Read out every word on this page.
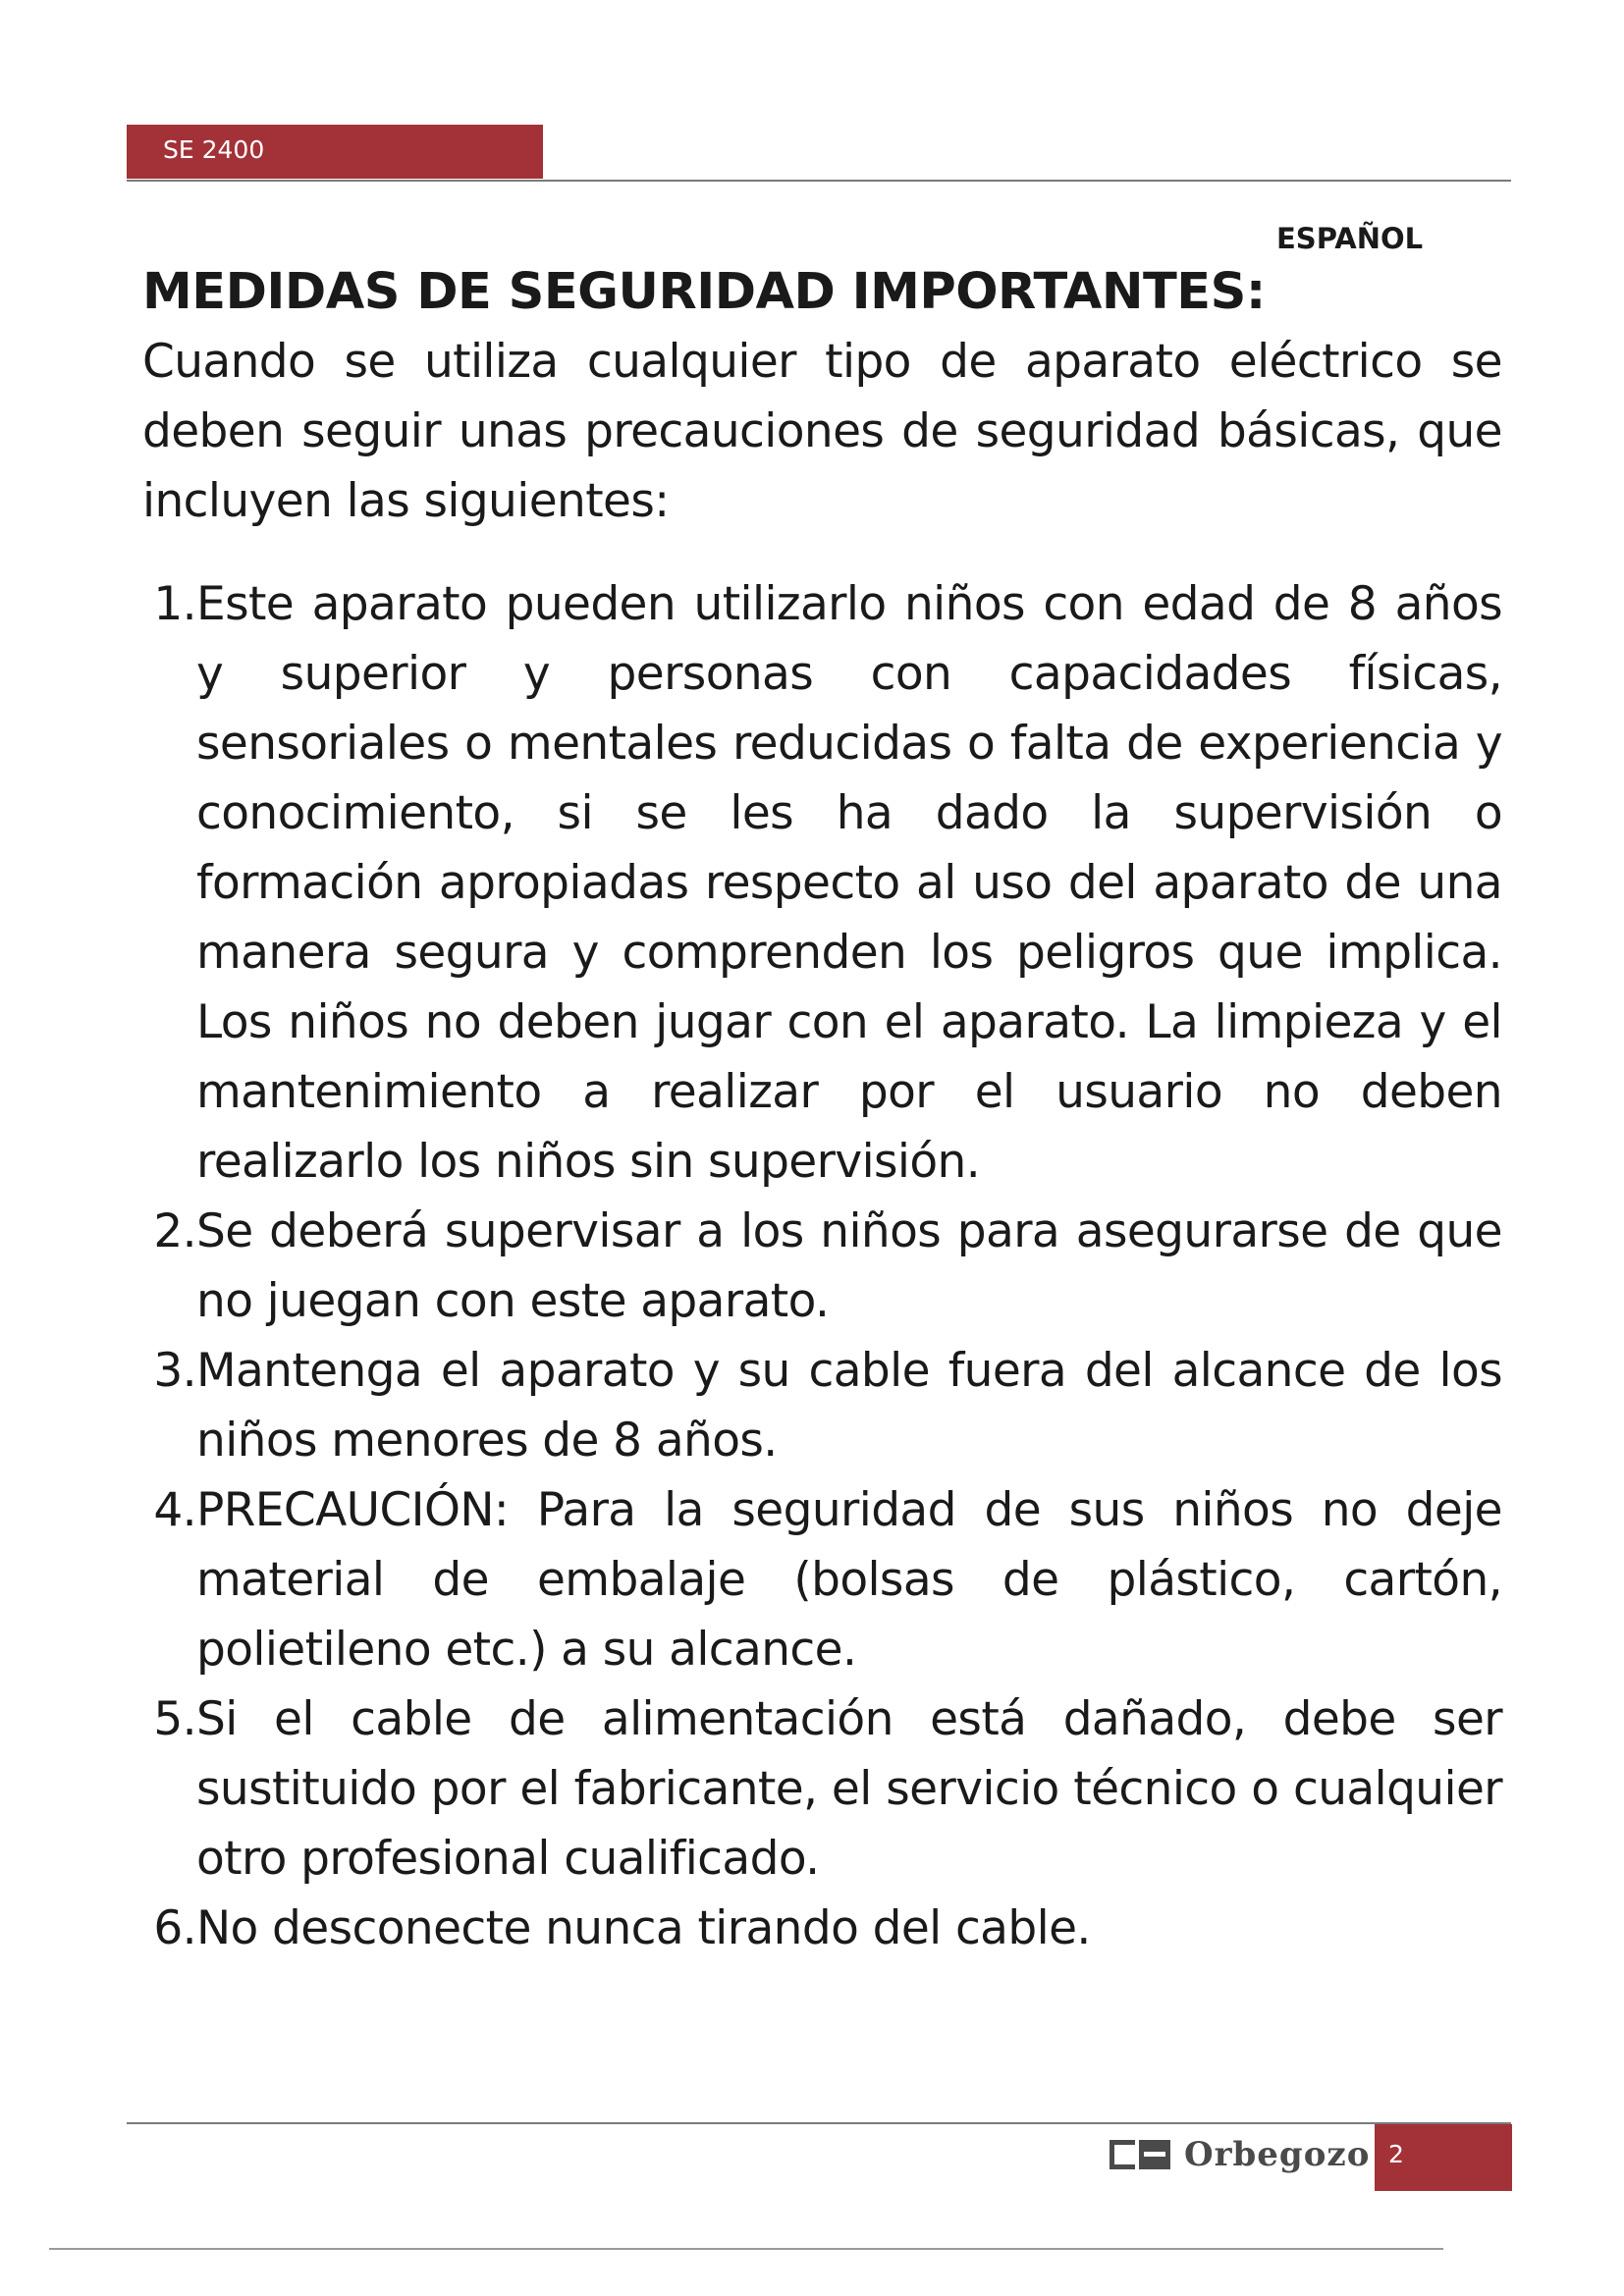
SE 2400
ESPAÑOL
MEDIDAS DE SEGURIDAD IMPORTANTES:

Cuando se utiliza cualquier tipo de aparato eléctrico se deben seguir unas precauciones de seguridad básicas, que incluyen las siguientes:

1. Este aparato pueden utilizarlo niños con edad de 8 años y superior y personas con capacidades físicas, sensoriales o mentales reducidas o falta de experiencia y conocimiento, si se les ha dado la supervisión o formación apropiadas respecto al uso del aparato de una manera segura y comprenden los peligros que implica. Los niños no deben jugar con el aparato. La limpieza y el mantenimiento a realizar por el usuario no deben realizarlo los niños sin supervisión.
2. Se deberá supervisar a los niños para asegurarse de que no juegan con este aparato.
3. Mantenga el aparato y su cable fuera del alcance de los niños menores de 8 años.
4. PRECAUCIÓN: Para la seguridad de sus niños no deje material de embalaje (bolsas de plástico, cartón, polietileno etc.) a su alcance.
5. Si el cable de alimentación está dañado, debe ser sustituido por el fabricante, el servicio técnico o cualquier otro profesional cualificado.
6. No desconecte nunca tirando del cable.
Orbegozo 2
